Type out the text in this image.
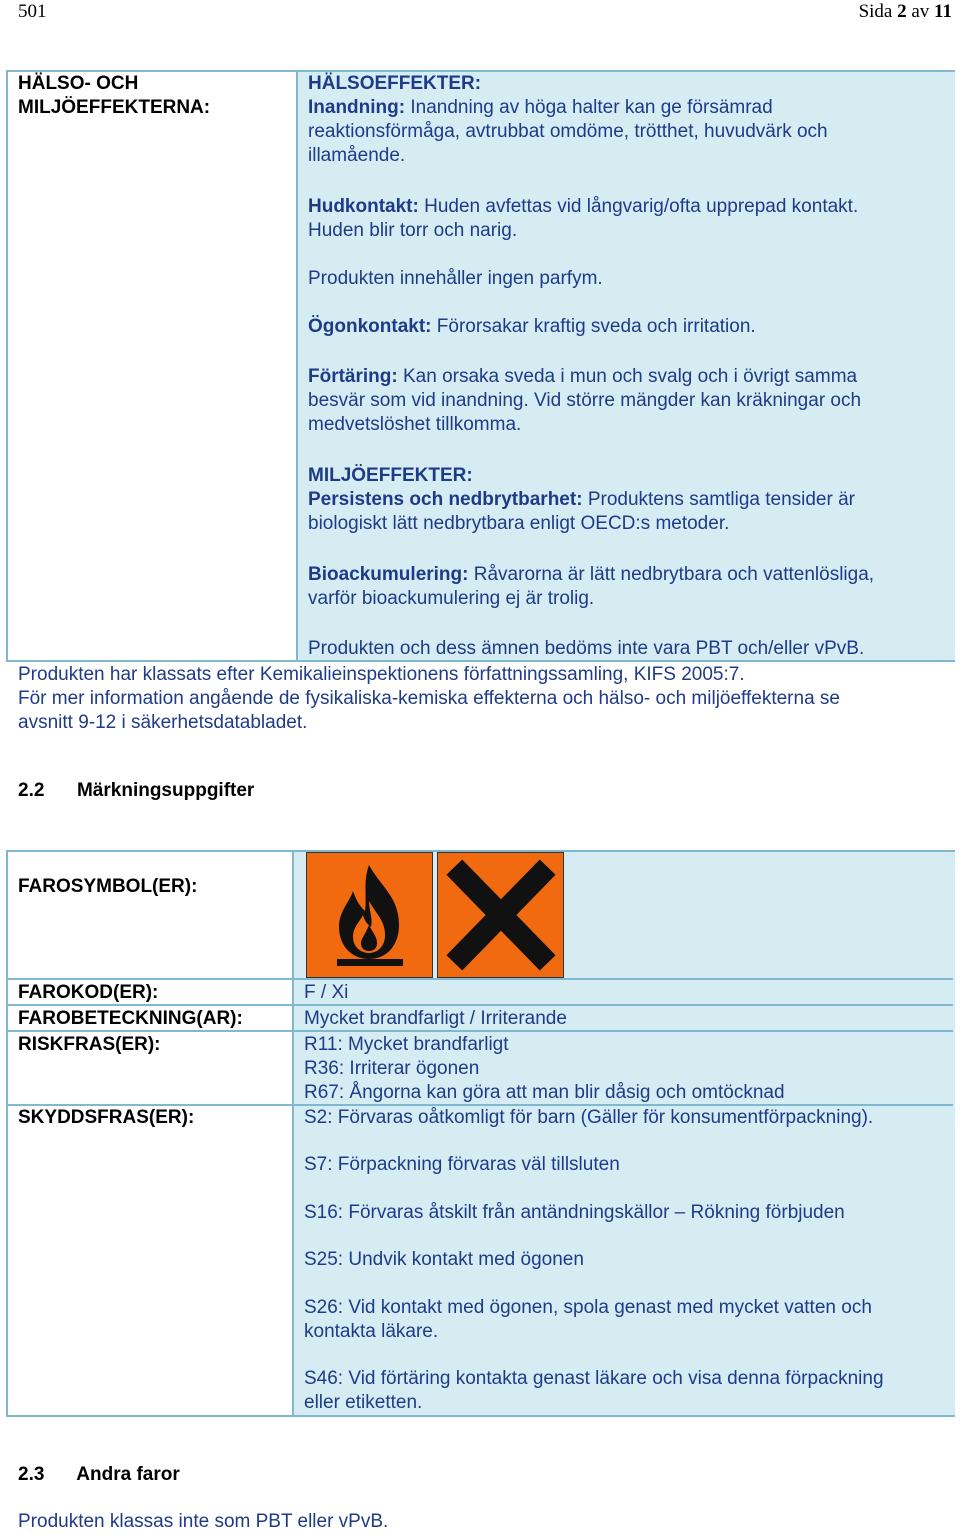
501	Sida 2 av 11
HÄLSO- OCH
MILJÖEFFEKTERNA:
HÄLSOEFFEKTER:
Inandning: Inandning av höga halter kan ge försämrad
reaktionsförmåga, avtrubbat omdöme, trötthet, huvudvärk och
illamående.
Hudkontakt: Huden avfettas vid långvarig/ofta upprepad kontakt.
Huden blir torr och narig.
Produkten innehåller ingen parfym.
Ögonkontakt: Förorsakar kraftig sveda och irritation.
Förtäring: Kan orsaka sveda i mun och svalg och i övrigt samma
besvär som vid inandning. Vid större mängder kan kräkningar och
medvetslöshet tillkomma.
MILJÖEFFEKTER:
Persistens och nedbrytbarhet: Produktens samtliga tensider är
biologiskt lätt nedbrytbara enligt OECD:s metoder.
Bioackumulering: Råvarorna är lätt nedbrytbara och vattenlösliga,
varför bioackumulering ej är trolig.
Produkten och dess ämnen bedöms inte vara PBT och/eller vPvB.
Produkten har klassats efter Kemikalieinspektionens författningssamling, KIFS 2005:7.
För mer information angående de fysikaliska-kemiska effekterna och hälso- och miljöeffekterna se
avsnitt 9-12 i säkerhetsdatabladet.
2.2 Märkningsuppgifter
FAROSYMBOL(ER):
FAROKOD(ER):	F / Xi
FAROBETECKNING(AR):	Mycket brandfarligt / Irriterande
RISKFRAS(ER):	R11: Mycket brandfarligt
R36: Irriterar ögonen
R67: Ångorna kan göra att man blir dåsig och omtöcknad
SKYDDSFRAS(ER):	S2: Förvaras oåtkomligt för barn (Gäller för konsumentförpackning).
S7: Förpackning förvaras väl tillsluten
S16: Förvaras åtskilt från antändningskällor – Rökning förbjuden
S25: Undvik kontakt med ögonen
S26: Vid kontakt med ögonen, spola genast med mycket vatten och
kontakta läkare.
S46: Vid förtäring kontakta genast läkare och visa denna förpackning
eller etiketten.
2.3 Andra faror
Produkten klassas inte som PBT eller vPvB.
